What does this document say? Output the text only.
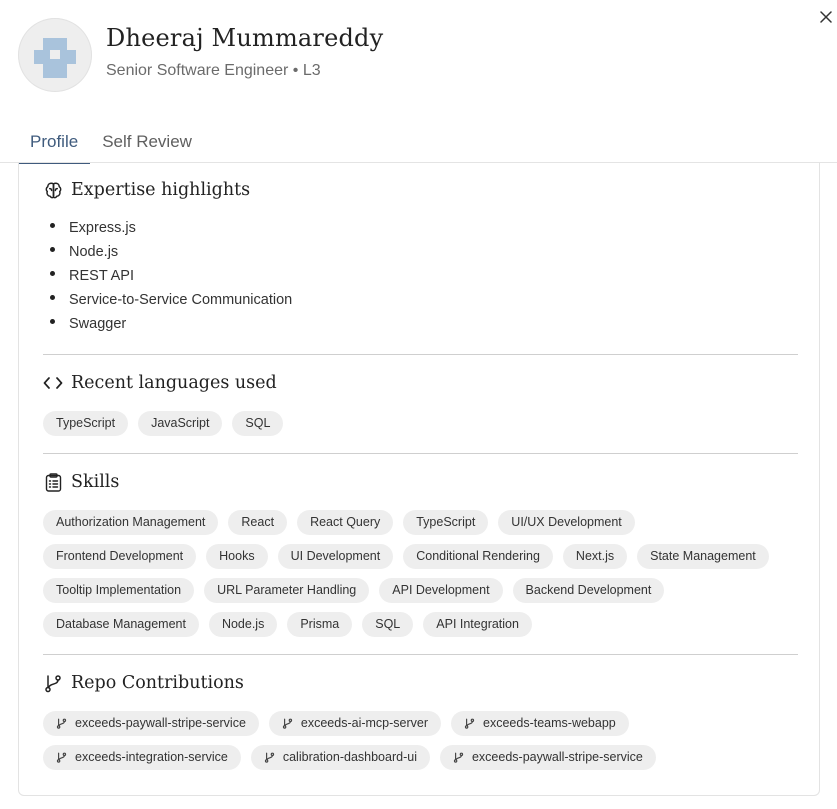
Dheeraj Mummareddy
Senior Software Engineer • L3
Profile	Self Review
Expertise highlights
Express.js
Node.js
REST API
Service-to-Service Communication
Swagger
Recent languages used
TypeScript	JavaScript	SQL
Skills
Authorization Management	React	React Query	TypeScript	UI/UX Development
Frontend Development	Hooks	UI Development	Conditional Rendering	Next.js	State Management
Tooltip Implementation	URL Parameter Handling	API Development	Backend Development
Database Management	Node.js	Prisma	SQL	API Integration
Repo Contributions
exceeds-paywall-stripe-service	exceeds-ai-mcp-server	exceeds-teams-webapp
exceeds-integration-service	calibration-dashboard-ui	exceeds-paywall-stripe-service
